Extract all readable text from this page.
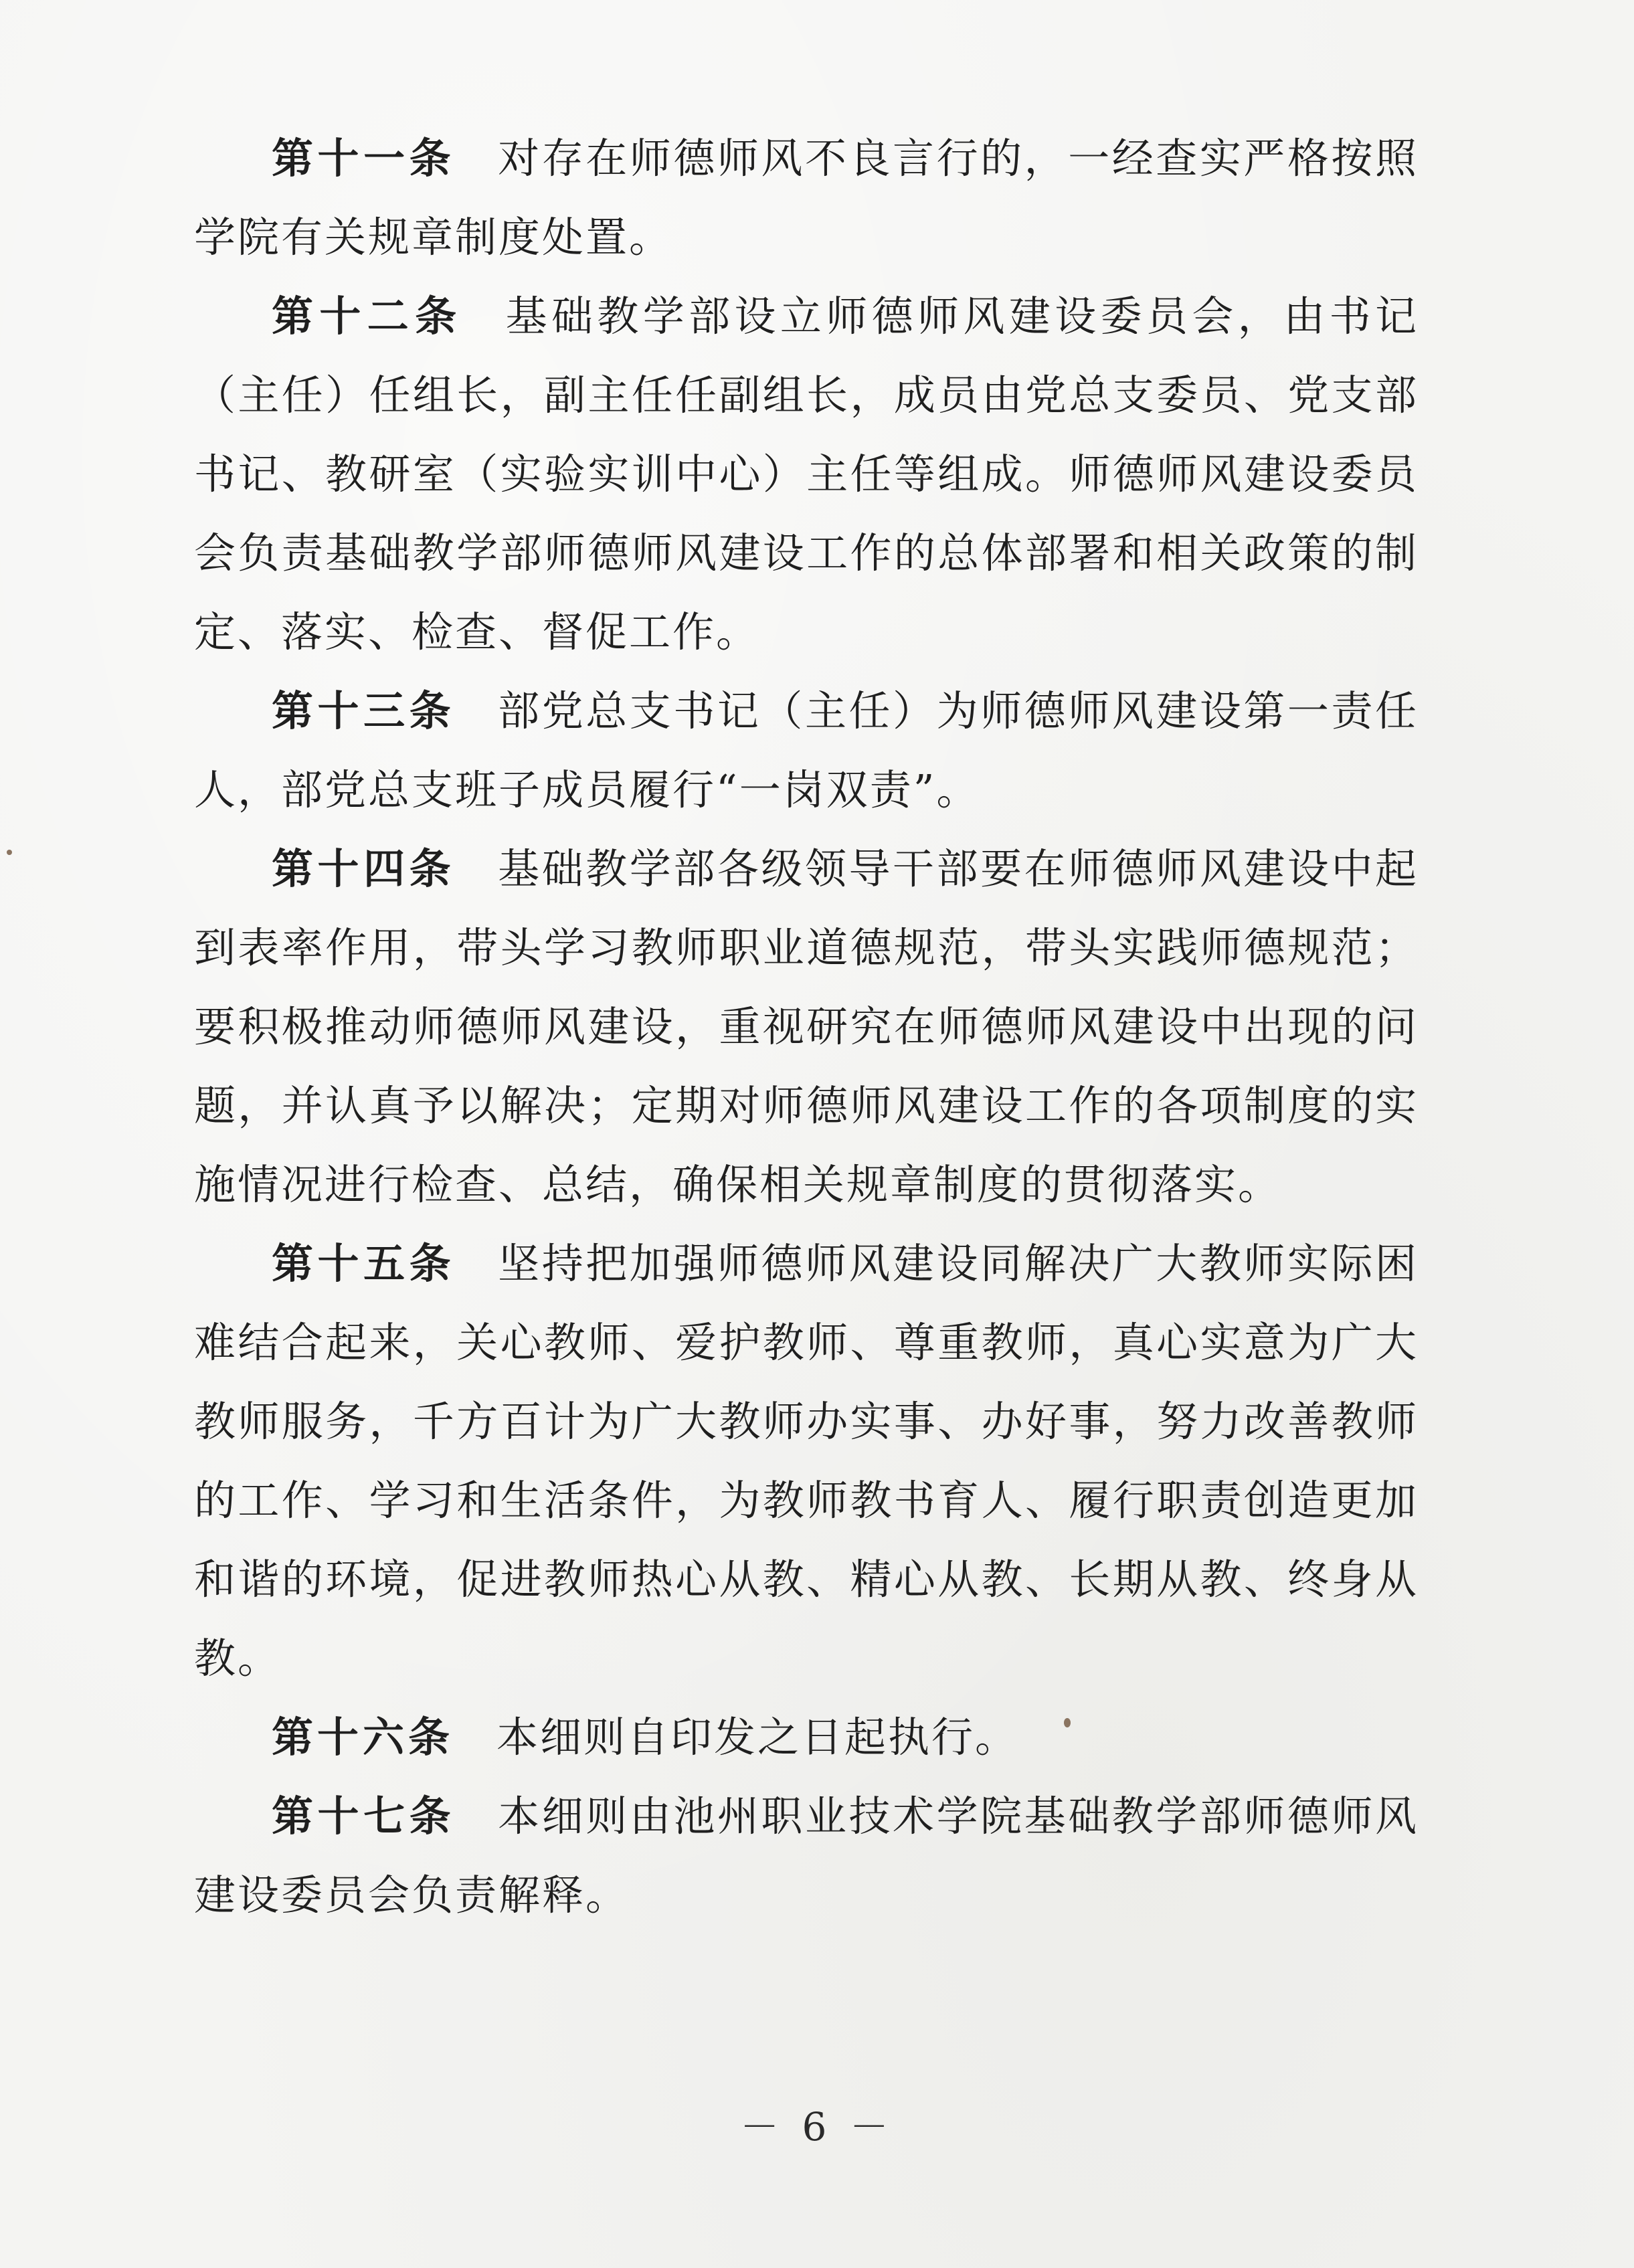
第十一条 对存在师德师风不良言行的，一经查实严格按照学院有关规章制度处置。

第十二条 基础教学部设立师德师风建设委员会，由书记（主任）任组长，副主任任副组长，成员由党总支委员、党支部书记、教研室（实验实训中心）主任等组成。师德师风建设委员会负责基础教学部师德师风建设工作的总体部署和相关政策的制定、落实、检查、督促工作。

第十三条 部党总支书记（主任）为师德师风建设第一责任人，部党总支班子成员履行“一岗双责”。

第十四条 基础教学部各级领导干部要在师德师风建设中起到表率作用，带头学习教师职业道德规范，带头实践师德规范；要积极推动师德师风建设，重视研究在师德师风建设中出现的问题，并认真予以解决；定期对师德师风建设工作的各项制度的实施情况进行检查、总结，确保相关规章制度的贯彻落实。

第十五条 坚持把加强师德师风建设同解决广大教师实际困难结合起来，关心教师、爱护教师、尊重教师，真心实意为广大教师服务，千方百计为广大教师办实事、办好事，努力改善教师的工作、学习和生活条件，为教师教书育人、履行职责创造更加和谐的环境，促进教师热心从教、精心从教、长期从教、终身从教。

第十六条 本细则自印发之日起执行。

第十七条 本细则由池州职业技术学院基础教学部师德师风建设委员会负责解释。

－ 6 －
